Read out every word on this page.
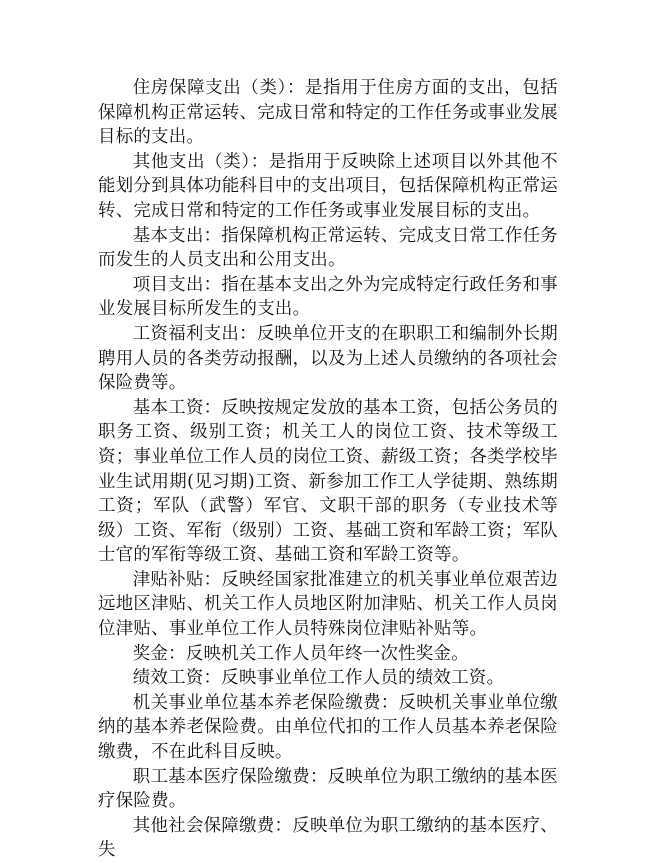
住房保障支出（类）：是指用于住房方面的支出，包括保障机构正常运转、完成日常和特定的工作任务或事业发展目标的支出。

其他支出（类）：是指用于反映除上述项目以外其他不能划分到具体功能科目中的支出项目，包括保障机构正常运转、完成日常和特定的工作任务或事业发展目标的支出。

基本支出：指保障机构正常运转、完成支日常工作任务而发生的人员支出和公用支出。

项目支出：指在基本支出之外为完成特定行政任务和事业发展目标所发生的支出。

工资福利支出：反映单位开支的在职职工和编制外长期聘用人员的各类劳动报酬，以及为上述人员缴纳的各项社会保险费等。

基本工资：反映按规定发放的基本工资，包括公务员的职务工资、级别工资；机关工人的岗位工资、技术等级工资；事业单位工作人员的岗位工资、薪级工资；各类学校毕业生试用期(见习期)工资、新参加工作工人学徒期、熟练期工资；军队（武警）军官、文职干部的职务（专业技术等级）工资、军衔（级别）工资、基础工资和军龄工资；军队士官的军衔等级工资、基础工资和军龄工资等。

津贴补贴：反映经国家批准建立的机关事业单位艰苦边远地区津贴、机关工作人员地区附加津贴、机关工作人员岗位津贴、事业单位工作人员特殊岗位津贴补贴等。

奖金：反映机关工作人员年终一次性奖金。

绩效工资：反映事业单位工作人员的绩效工资。

机关事业单位基本养老保险缴费：反映机关事业单位缴纳的基本养老保险费。由单位代扣的工作人员基本养老保险缴费，不在此科目反映。

职工基本医疗保险缴费：反映单位为职工缴纳的基本医疗保险费。

其他社会保障缴费：反映单位为职工缴纳的基本医疗、失
